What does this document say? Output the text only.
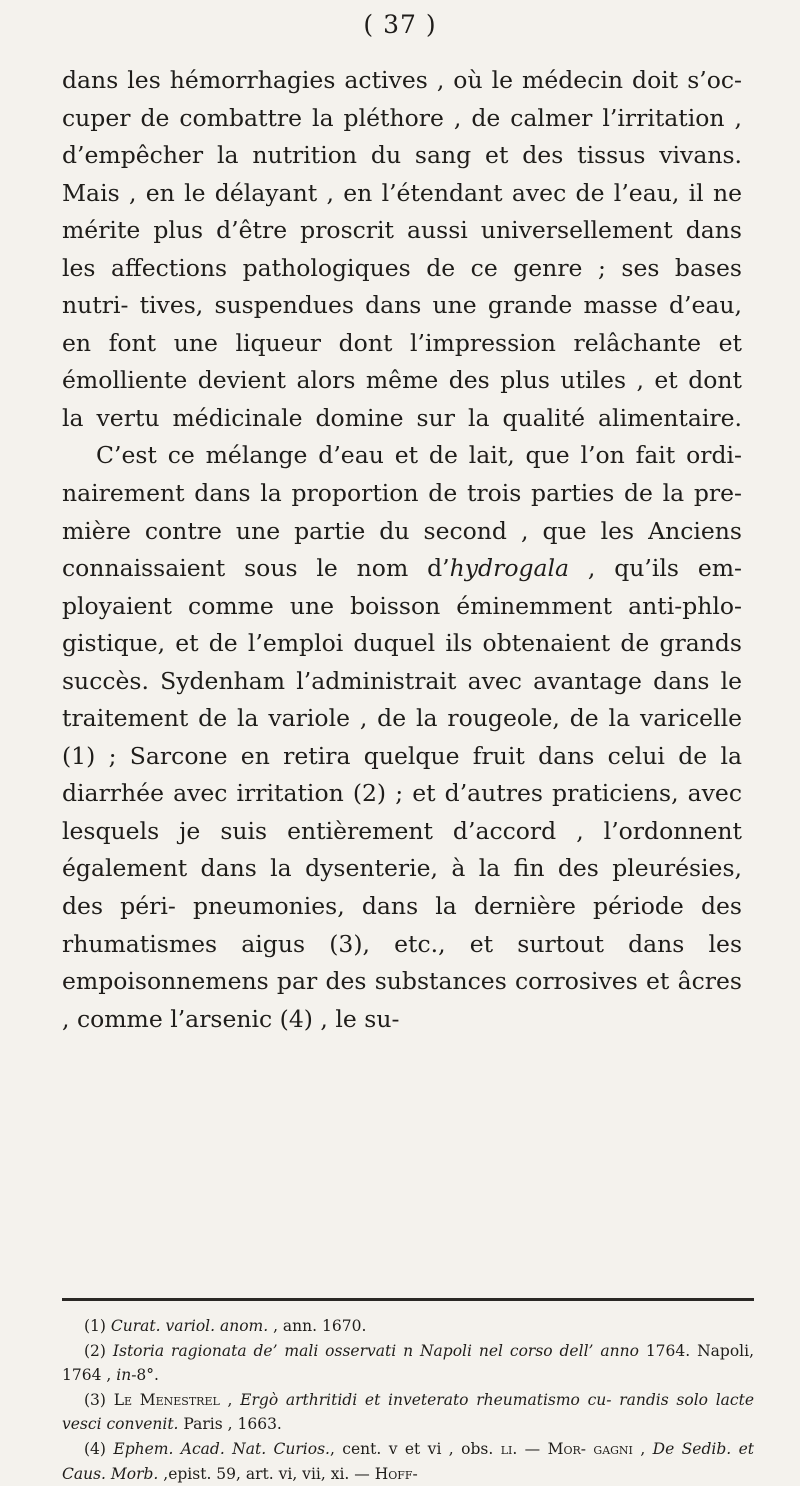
( 37 )

dans les hémorrhagies actives , où le médecin doit s’oc- cuper de combattre la pléthore , de calmer l’irritation , d’empêcher la nutrition du sang et des tissus vivans. Mais , en le délayant , en l’étendant avec de l’eau, il ne mérite plus d’être proscrit aussi universellement dans les affections pathologiques de ce genre ; ses bases nutri- tives, suspendues dans une grande masse d’eau, en font une liqueur dont l’impression relâchante et émolliente devient alors même des plus utiles , et dont la vertu médicinale domine sur la qualité alimentaire.

C’est ce mélange d’eau et de lait, que l’on fait ordi- nairement dans la proportion de trois parties de la pre- mière contre une partie du second , que les Anciens connaissaient sous le nom d’hydrogala , qu’ils em- ployaient comme une boisson éminemment anti-phlo- gistique, et de l’emploi duquel ils obtenaient de grands succès. Sydenham l’administrait avec avantage dans le traitement de la variole , de la rougeole, de la varicelle (1) ; Sarcone en retira quelque fruit dans celui de la diarrhée avec irritation (2) ; et d’autres praticiens, avec lesquels je suis entièrement d’accord , l’ordonnent également dans la dysenterie, à la fin des pleurésies, des péri- pneumonies, dans la dernière période des rhumatismes aigus (3), etc., et surtout dans les empoisonnemens par des substances corrosives et âcres , comme l’arsenic (4) , le su-

(1) Curat. variol. anom. , ann. 1670.

(2) Istoria ragionata de’ mali osservati n Napoli nel corso dell’ anno 1764. Napoli, 1764 , in-8°.

(3) Le Menestrel , Ergò arthritidi et inveterato rheumatismo cu- randis solo lacte vesci convenit. Paris , 1663.

(4) Ephem. Acad. Nat. Curios., cent. v et vi , obs. li. — Mor- gagni , De Sedib. et Caus. Morb. ,epist. 59, art. vi, vii, xi. — Hoff-
